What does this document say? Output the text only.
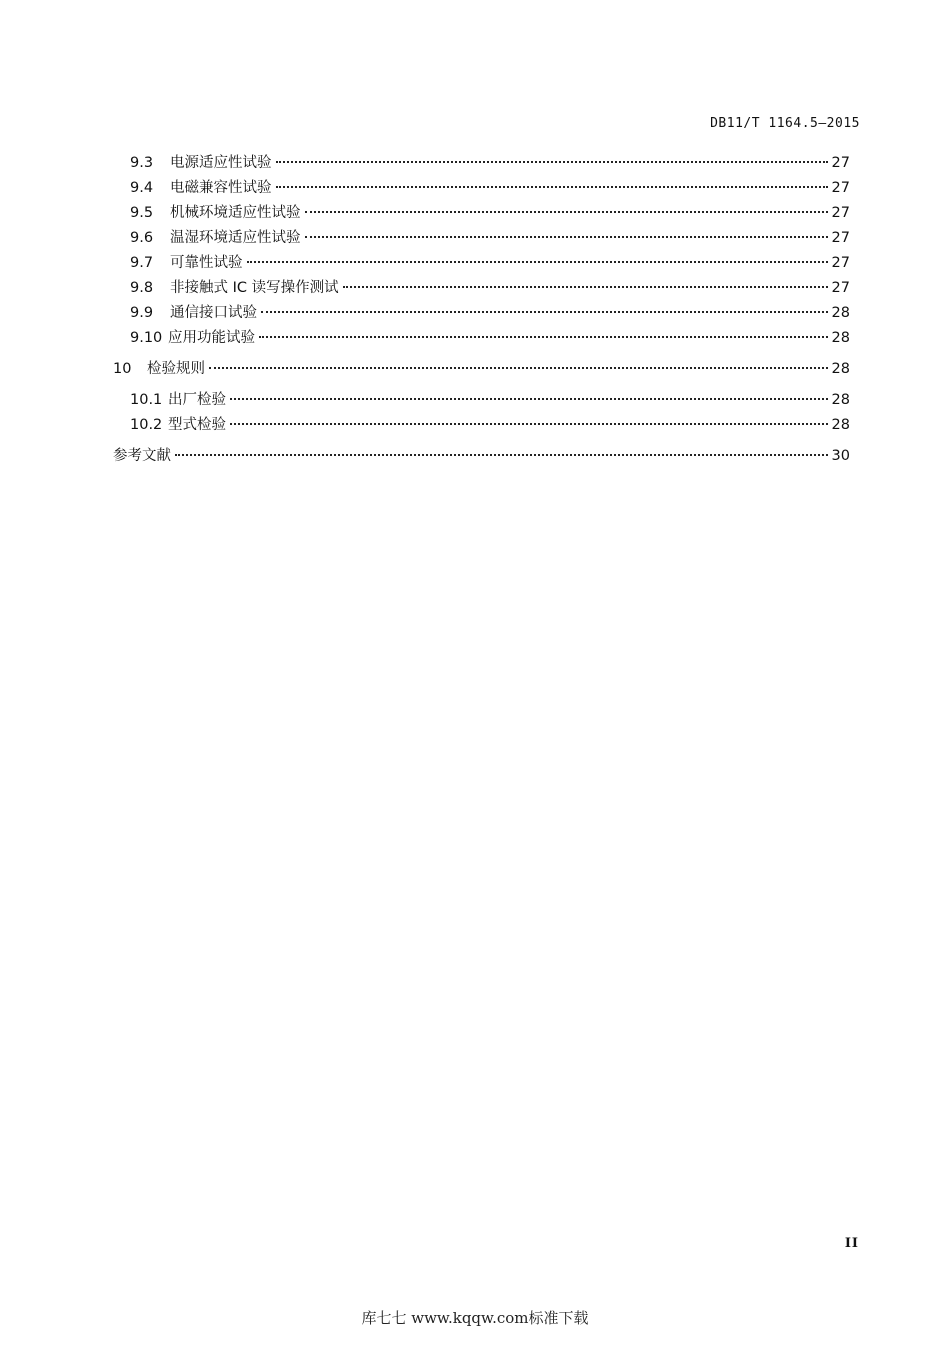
DB11/T 1164.5—2015
9.3	电源适应性试验	27
9.4	电磁兼容性试验	27
9.5	机械环境适应性试验	27
9.6	温湿环境适应性试验	27
9.7	可靠性试验	27
9.8	非接触式 IC 读写操作测试	27
9.9	通信接口试验	28
9.10 应用功能试验	28
10	检验规则	28
10.1 出厂检验	28
10.2 型式检验	28
参考文献	30
II
库七七 www.kqqw.com标准下载
